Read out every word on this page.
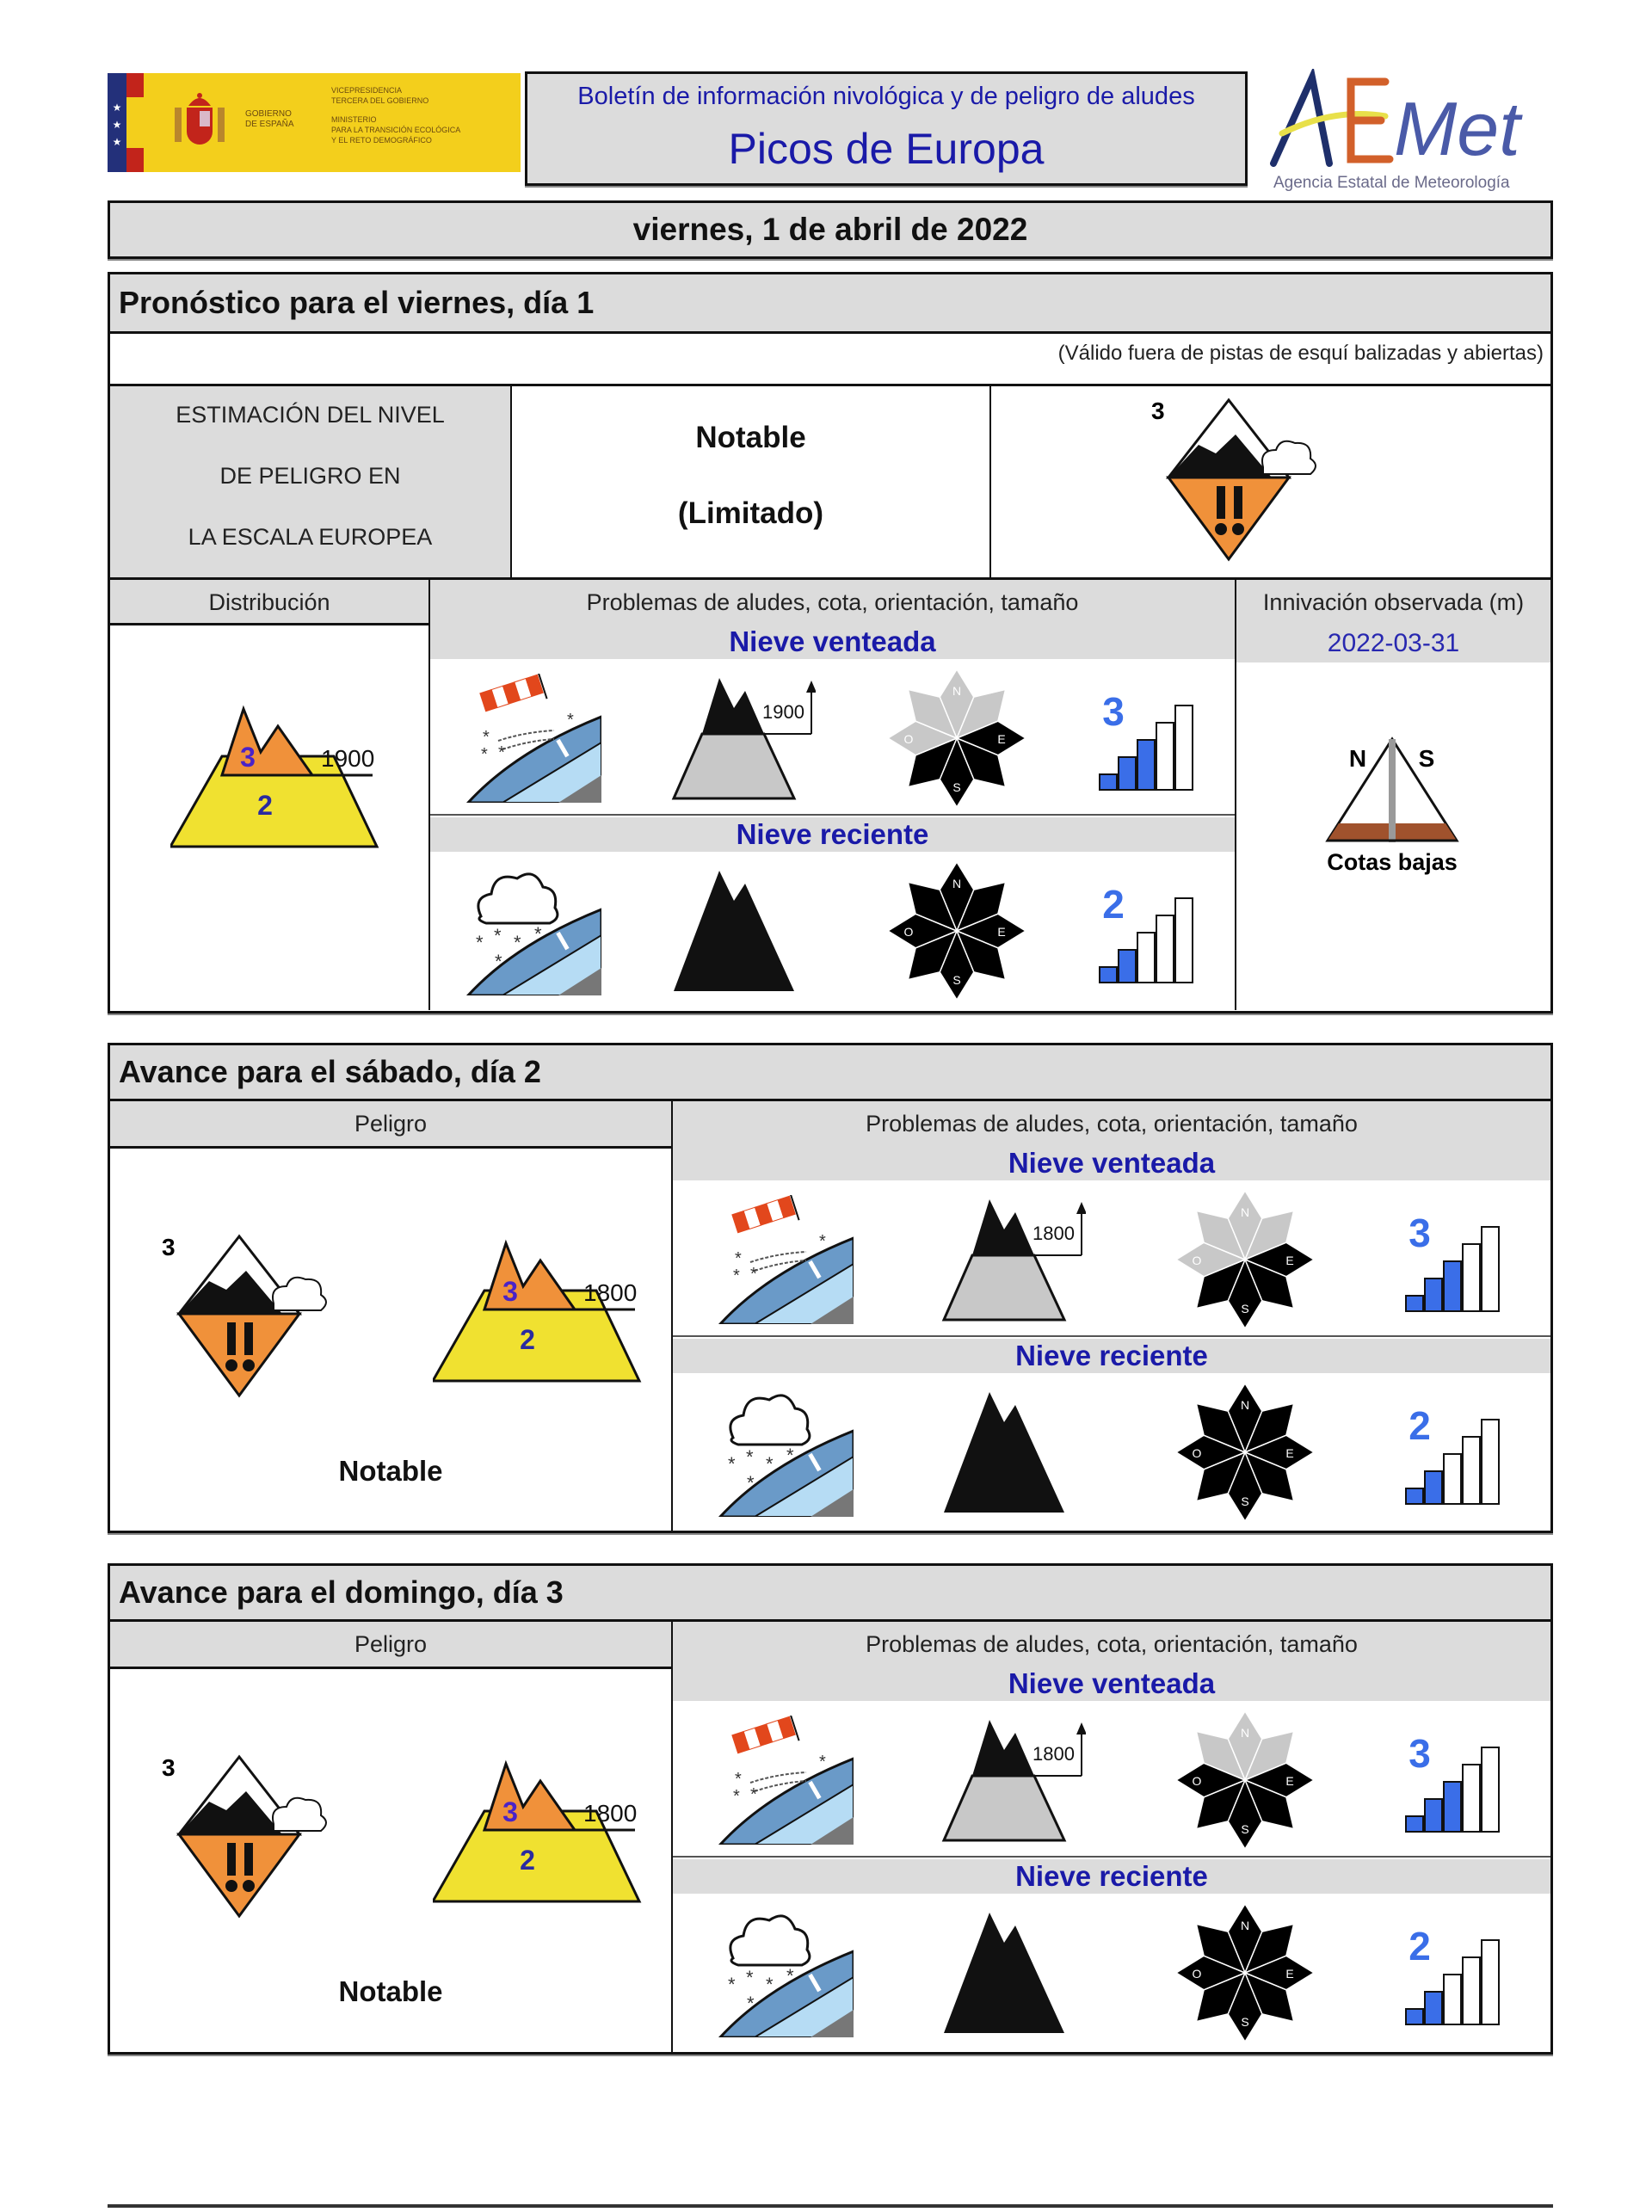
★
★
★
GOBIERNO
DE ESPAÑA
VICEPRESIDENCIA
TERCERA DEL GOBIERNO
MINISTERIO
PARA LA TRANSICIÓN ECOLÓGICA
Y EL RETO DEMOGRÁFICO
Boletín de información nivológica y de peligro de aludes
Picos de Europa	Met
Agencia Estatal de Meteorología
viernes, 1 de abril de 2022
Pronóstico para el viernes, día 1
(Válido fuera de pistas de esquí balizadas y abiertas)
ESTIMACIÓN DEL NIVEL
DE PELIGRO EN
LA ESCALA EUROPEA
Notable
(Limitado)
3
Distribución	Problemas de aludes, cota, orientación, tamaño	Innivación observada (m)
2022-03-31
3
2
1900
Nieve venteada
*
* *
*	1900
N
E
S
O
3
Nieve reciente
* * * *
*
N
E
S
O
2
N S
Cotas bajas
Avance para el sábado, día 2
Peligro	Problemas de aludes, cota, orientación, tamaño
3
3
2
1800
Notable
Nieve venteada
*
* *
*	1800
N
E
S
O
3
Nieve reciente
* * * *
*
N
E
S
O
2
Avance para el domingo, día 3
Peligro	Problemas de aludes, cota, orientación, tamaño
3
3
2
1800
Notable
Nieve venteada
*
* *
*	1800
N
E
S
O
3
Nieve reciente
* * * *
*
N
E
S
O
2
